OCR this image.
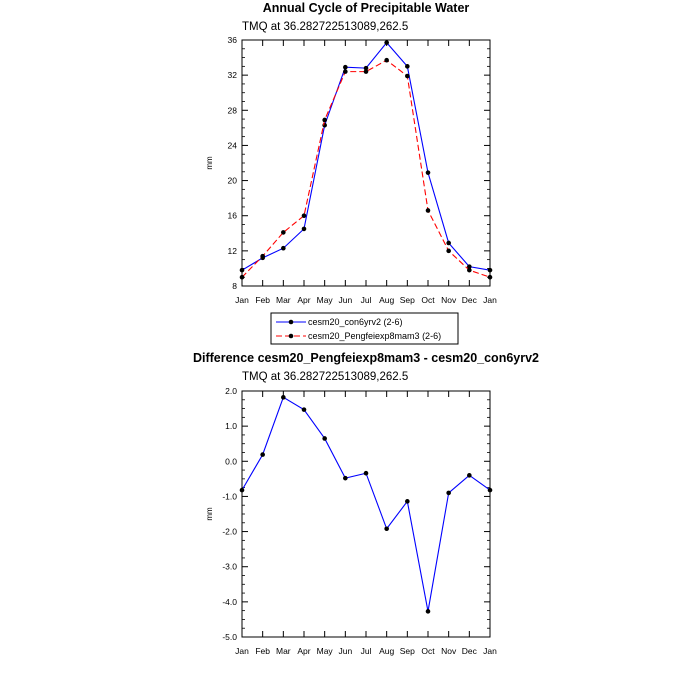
Annual Cycle of Precipitable Water
TMQ at 36.282722513089,262.5
8
12
16
20
24
28
32
36
Jan Feb Mar Apr May Jun Jul Aug Sep Oct Nov Dec Jan
mm
cesm20_con6yrv2 (2-6)
cesm20_Pengfeiexp8mam3 (2-6)
Difference cesm20_Pengfeiexp8mam3 - cesm20_con6yrv2
TMQ at 36.282722513089,262.5
-5.0
-4.0
-3.0
-2.0
-1.0
0.0
1.0
2.0
Jan Feb Mar Apr May Jun Jul Aug Sep Oct Nov Dec Jan
mm
